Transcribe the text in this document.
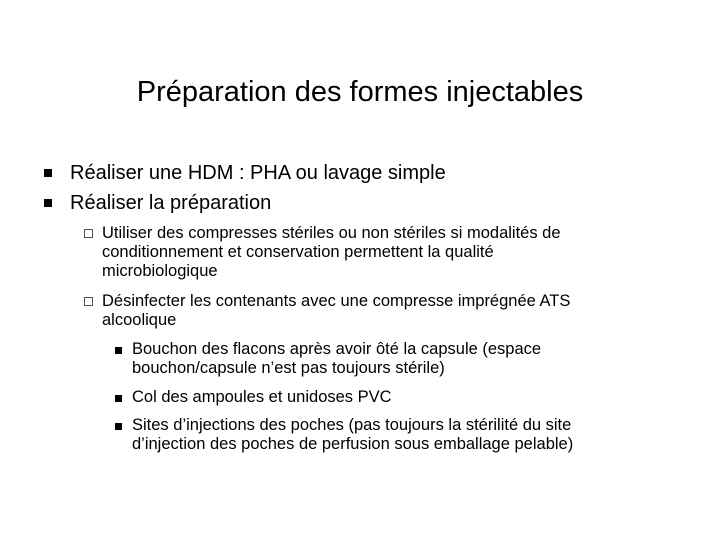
Préparation des formes injectables
Réaliser une HDM : PHA ou lavage simple
Réaliser la préparation
Utiliser des compresses stériles ou non stériles si modalités de
conditionnement et conservation permettent la qualité
microbiologique
Désinfecter les contenants avec une compresse imprégnée ATS
alcoolique
Bouchon des flacons après avoir ôté la capsule (espace
bouchon/capsule n’est pas toujours stérile)
Col des ampoules et unidoses PVC
Sites d’injections des poches (pas toujours la stérilité du site
d’injection des poches de perfusion sous emballage pelable)
